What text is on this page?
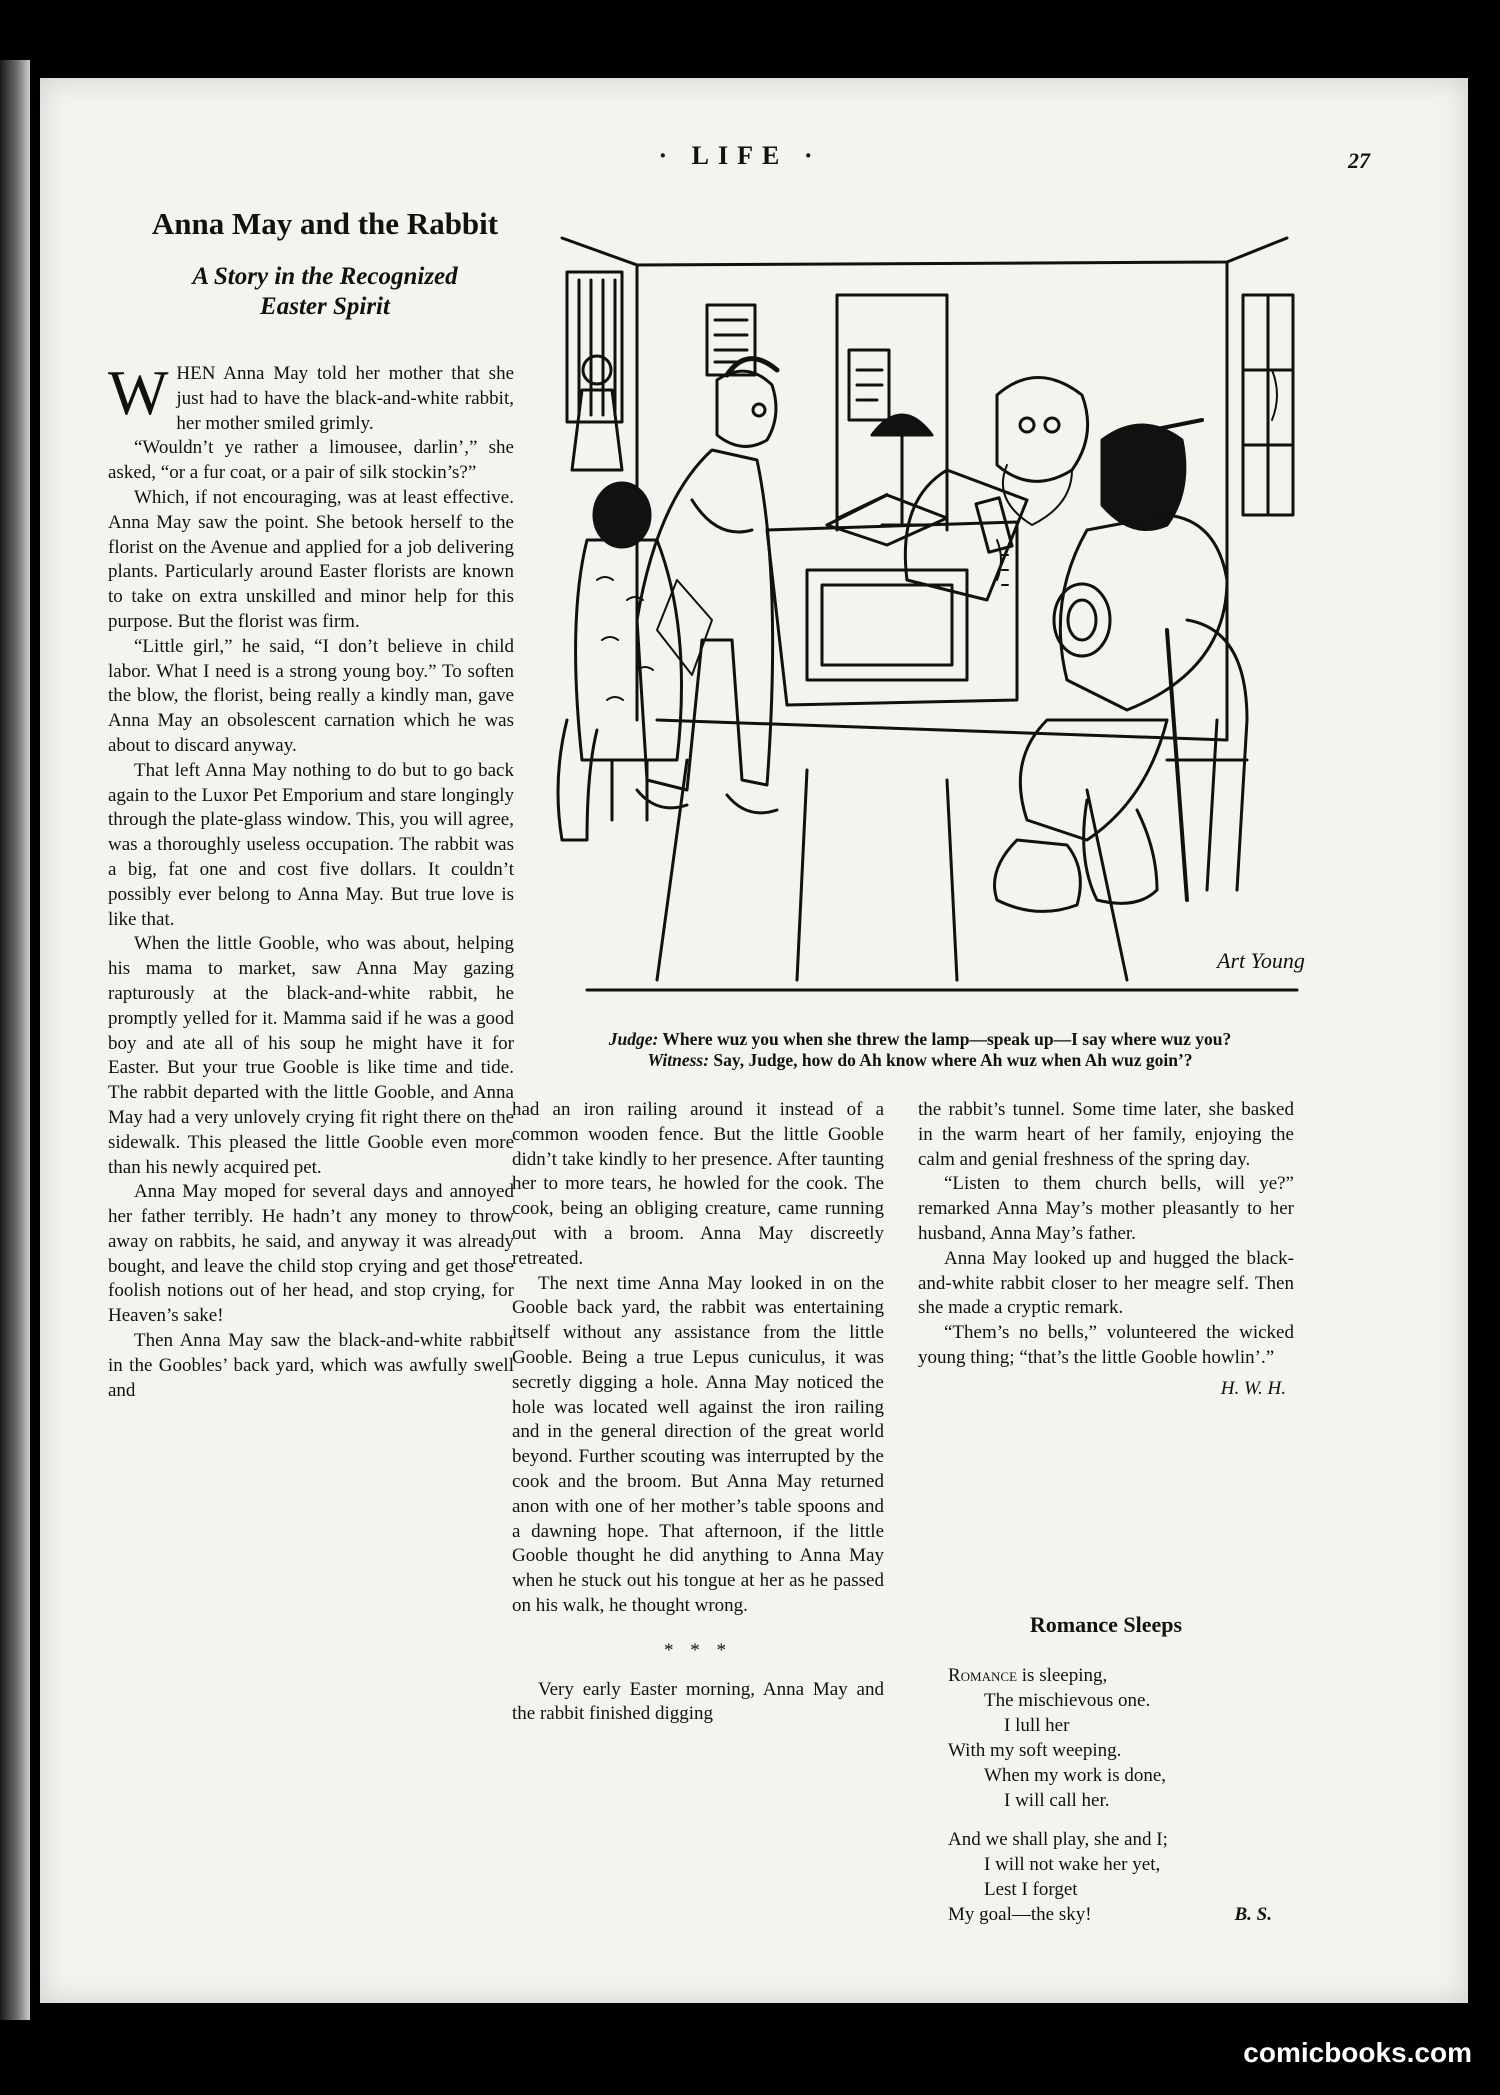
· LIFE ·	27
Anna May and the Rabbit
A Story in the Recognized
Easter Spirit

WHEN Anna May told her mother that she just had to have the black-and-white rabbit, her mother smiled grimly.

“Wouldn’t ye rather a limousee, darlin’,” she asked, “or a fur coat, or a pair of silk stockin’s?”

Which, if not encouraging, was at least effective. Anna May saw the point. She betook herself to the florist on the Avenue and applied for a job delivering plants. Particularly around Easter florists are known to take on extra unskilled and minor help for this purpose. But the florist was firm.

“Little girl,” he said, “I don’t believe in child labor. What I need is a strong young boy.” To soften the blow, the florist, being really a kindly man, gave Anna May an obsolescent carnation which he was about to discard anyway.

That left Anna May nothing to do but to go back again to the Luxor Pet Emporium and stare longingly through the plate-glass window. This, you will agree, was a thoroughly useless occupation. The rabbit was a big, fat one and cost five dollars. It couldn’t possibly ever belong to Anna May. But true love is like that.

When the little Gooble, who was about, helping his mama to market, saw Anna May gazing rapturously at the black-and-white rabbit, he promptly yelled for it. Mamma said if he was a good boy and ate all of his soup he might have it for Easter. But your true Gooble is like time and tide. The rabbit departed with the little Gooble, and Anna May had a very unlovely crying fit right there on the sidewalk. This pleased the little Gooble even more than his newly acquired pet.

Anna May moped for several days and annoyed her father terribly. He hadn’t any money to throw away on rabbits, he said, and anyway it was already bought, and leave the child stop crying and get those foolish notions out of her head, and stop crying, for Heaven’s sake!

Then Anna May saw the black-and-white rabbit in the Goobles’ back yard, which was awfully swell and

Art Young
Judge: Where wuz you when she threw the lamp—speak up—I say where wuz you?
Witness: Say, Judge, how do Ah know where Ah wuz when Ah wuz goin’?

had an iron railing around it instead of a common wooden fence. But the little Gooble didn’t take kindly to her presence. After taunting her to more tears, he howled for the cook. The cook, being an obliging creature, came running out with a broom. Anna May discreetly retreated.

The next time Anna May looked in on the Gooble back yard, the rabbit was entertaining itself without any assistance from the little Gooble. Being a true Lepus cuniculus, it was secretly digging a hole. Anna May noticed the hole was located well against the iron railing and in the general direction of the great world beyond. Further scouting was interrupted by the cook and the broom. But Anna May returned anon with one of her mother’s table spoons and a dawning hope. That afternoon, if the little Gooble thought he did anything to Anna May when he stuck out his tongue at her as he passed on his walk, he thought wrong.

* * *

Very early Easter morning, Anna May and the rabbit finished digging

the rabbit’s tunnel. Some time later, she basked in the warm heart of her family, enjoying the calm and genial freshness of the spring day.

“Listen to them church bells, will ye?” remarked Anna May’s mother pleasantly to her husband, Anna May’s father.

Anna May looked up and hugged the black-and-white rabbit closer to her meagre self. Then she made a cryptic remark.

“Them’s no bells,” volunteered the wicked young thing; “that’s the little Gooble howlin’.”

H. W. H.

Romance Sleeps
Romance is sleeping,
The mischievous one.
I lull her
With my soft weeping.
When my work is done,
I will call her.
And we shall play, she and I;
I will not wake her yet,
Lest I forget
My goal—the sky!	B. S.
comicbooks.com
